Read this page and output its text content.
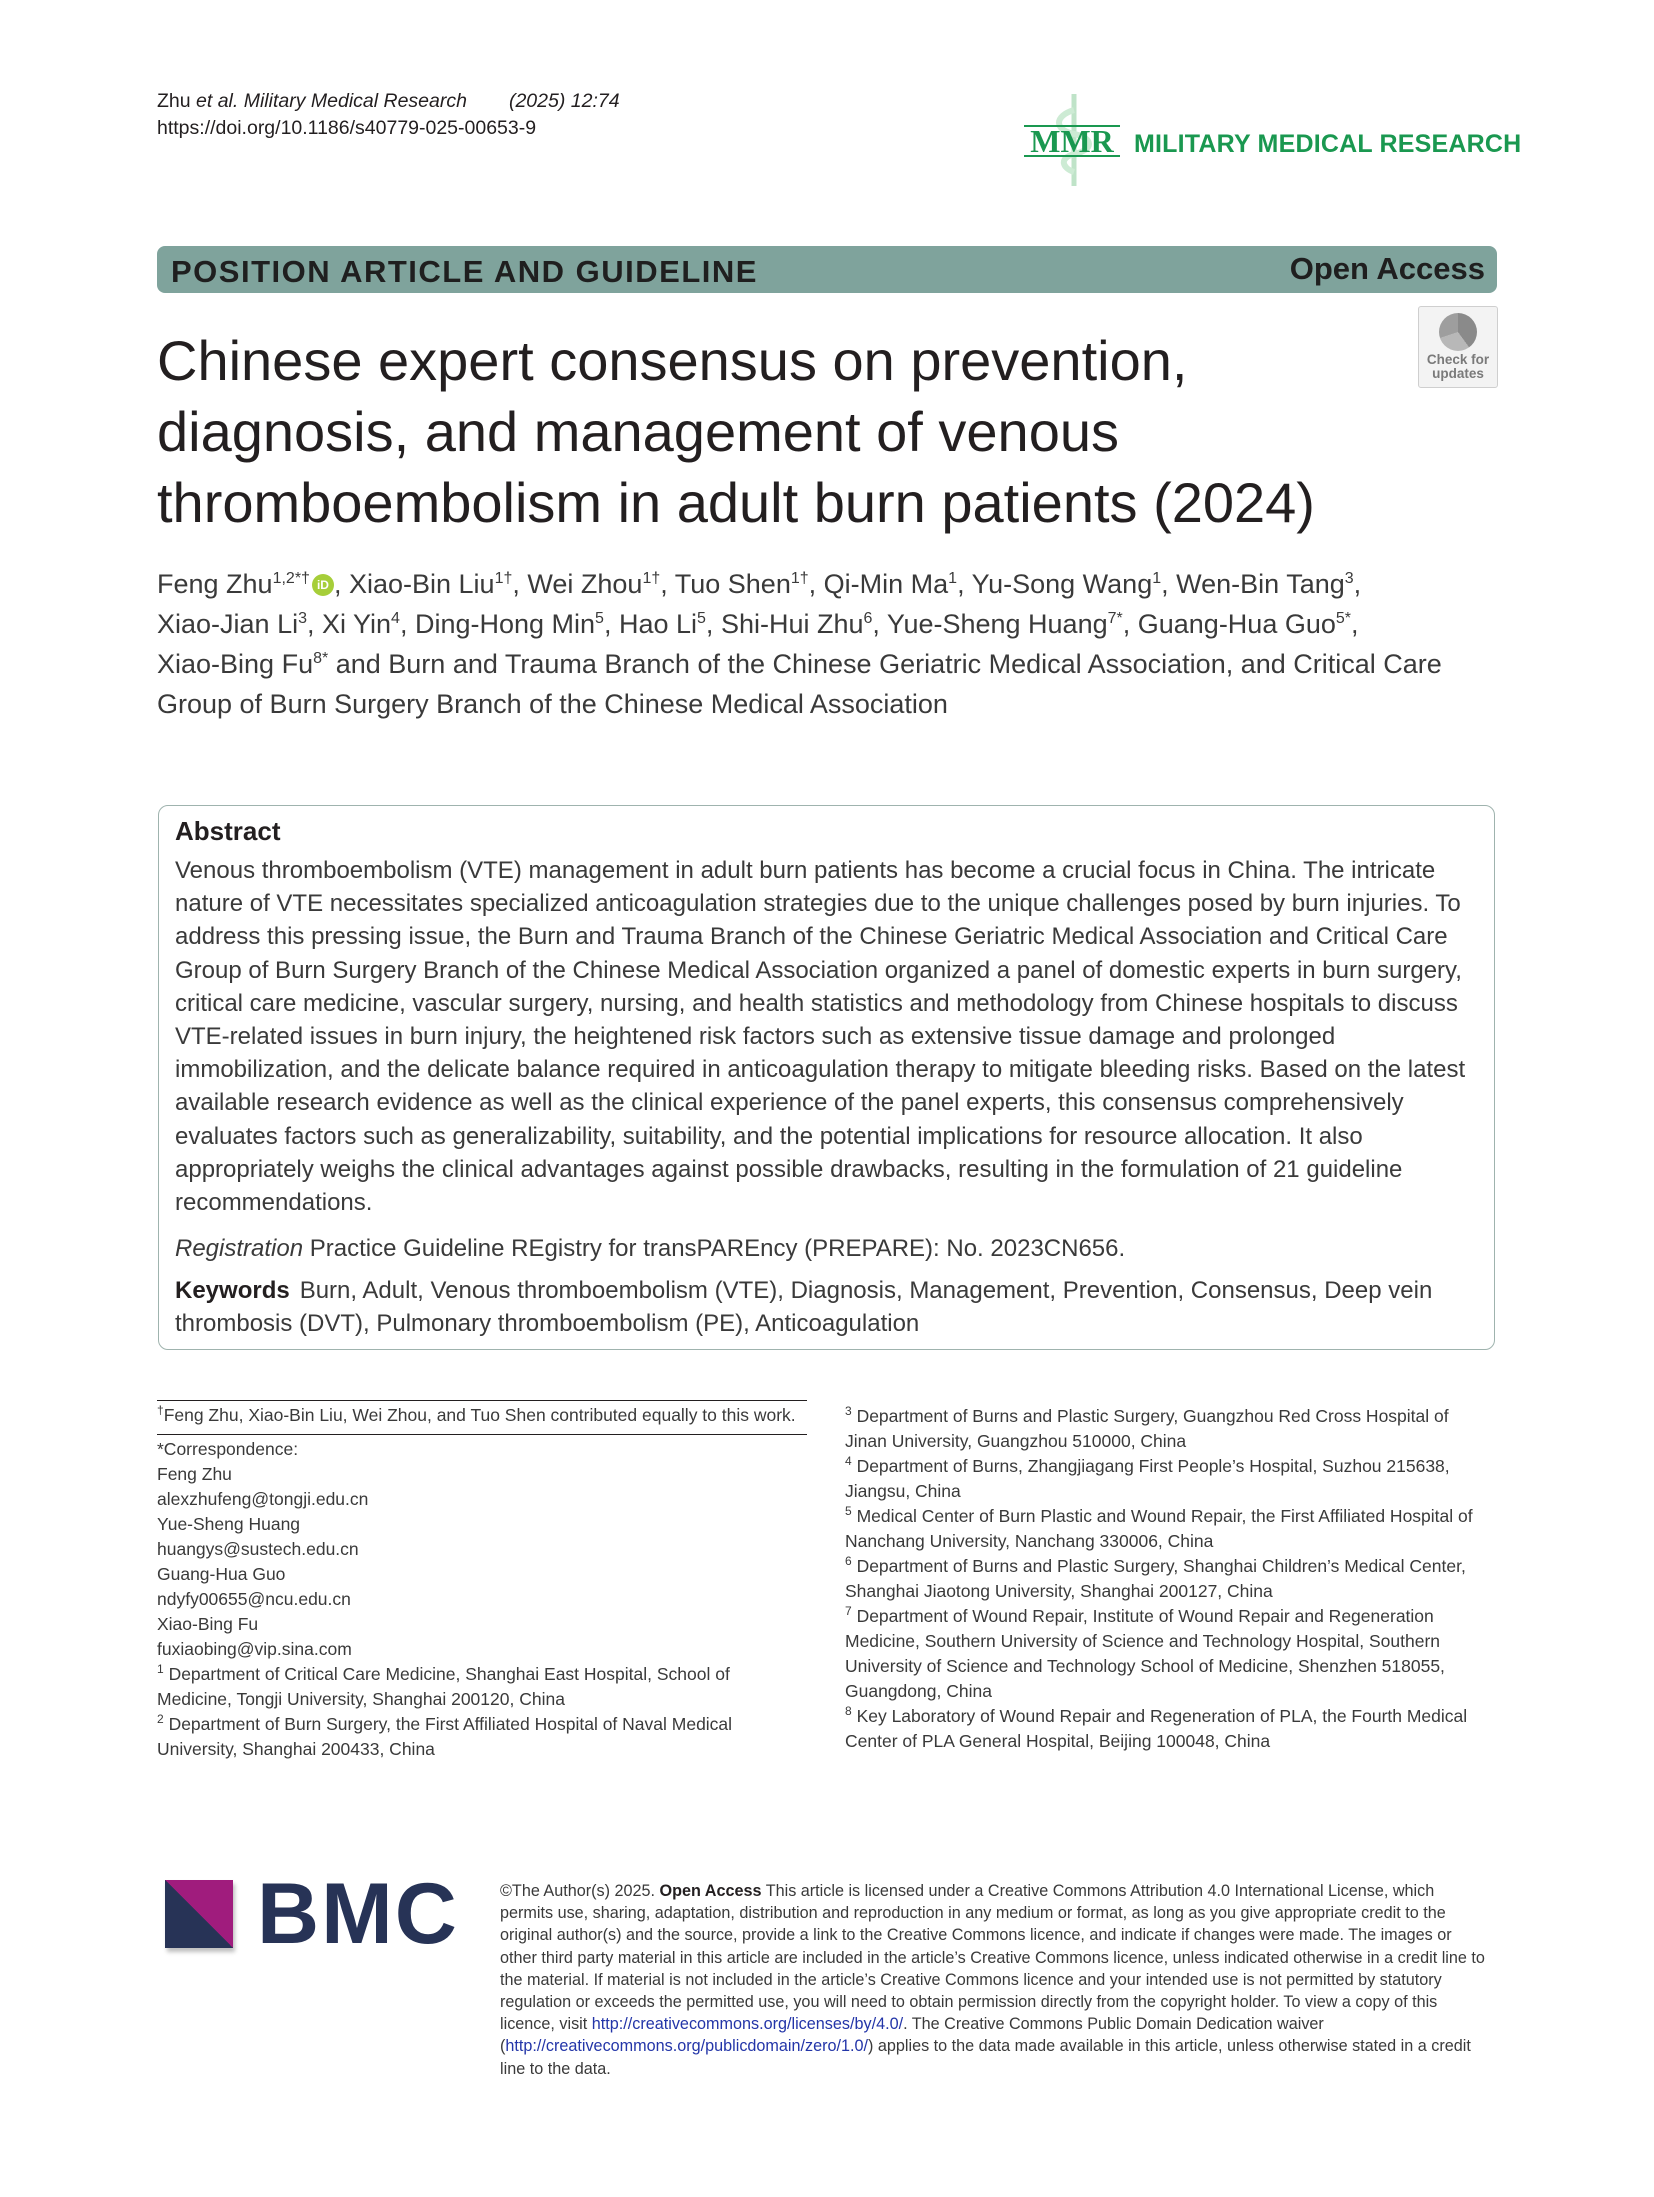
Zhu et al. Military Medical Research (2025) 12:74
https://doi.org/10.1186/s40779-025-00653-9	MMR MILITARY MEDICAL RESEARCH
POSITION ARTICLE AND GUIDELINE	Open Access
Chinese expert consensus on prevention,
diagnosis, and management of venous
thromboembolism in adult burn patients (2024)
Check for
updates
Feng Zhu$^{1,2*\dagger}$ iD , Xiao-Bin Liu$^{1\dagger}$, Wei Zhou$^{1\dagger}$, Tuo Shen$^{1\dagger}$, Qi-Min Ma$^1$, Yu-Song Wang$^1$, Wen-Bin Tang$^3$,
Xiao-Jian Li$^3$, Xi Yin$^4$, Ding-Hong Min$^5$, Hao Li$^5$, Shi-Hui Zhu$^6$, Yue-Sheng Huang$^{7*}$, Guang-Hua Guo$^{5*}$,
Xiao-Bing $Fu^{8*}$ and Burn and Trauma Branch of the Chinese Geriatric Medical Association, and Critical Care Group of Burn Surgery Branch of the Chinese Medical Association
Abstract
Venous thromboembolism (VTE) management in adult burn patients has become a crucial focus in China. The intricate nature of VTE necessitates specialized anticoagulation strategies due to the unique challenges posed by burn injuries. To address this pressing issue, the Burn and Trauma Branch of the Chinese Geriatric Medical Association and Critical Care Group of Burn Surgery Branch of the Chinese Medical Association organized a panel of domestic experts in burn surgery, critical care medicine, vascular surgery, nursing, and health statistics and methodology from Chinese hospitals to discuss VTE-related issues in burn injury, the heightened risk factors such as extensive tissue damage and prolonged immobilization, and the delicate balance required in anticoagulation therapy to mitigate bleeding risks. Based on the latest available research evidence as well as the clinical experience of the panel experts, this consensus comprehensively evaluates factors such as generalizability, suitability, and the potential implications for resource allocation. It also appropriately weighs the clinical advantages against possible drawbacks, resulting in the formulation of 21 guideline recommendations.
Registration Practice Guideline REgistry for transPAREncy (PREPARE): No. 2023CN656.
Keywords Burn, Adult, Venous thromboembolism (VTE), Diagnosis, Management, Prevention, Consensus, Deep vein thrombosis (DVT), Pulmonary thromboembolism (PE), Anticoagulation

†Feng Zhu, Xiao-Bin Liu, Wei Zhou, and Tuo Shen contributed equally to this work.

*Correspondence:

Feng Zhu

alexzhufeng@tongji.edu.cn

Yue-Sheng Huang

huangys@sustech.edu.cn

Guang-Hua Guo

ndyfy00655@ncu.edu.cn

Xiao-Bing Fu

fuxiaobing@vip.sina.com

$^1$ Department of Critical Care Medicine, Shanghai East Hospital, School of Medicine, Tongji University, Shanghai 200120, China

$^2$ Department of Burn Surgery, the First Affiliated Hospital of Naval Medical University, Shanghai 200433, China

$^3$ Department of Burns and Plastic Surgery, Guangzhou Red Cross Hospital of Jinan University, Guangzhou 510000, China

$^4$ Department of Burns, Zhangjiagang First People’s Hospital, Suzhou 215638, Jiangsu, China

$^5$ Medical Center of Burn Plastic and Wound Repair, the First Affiliated Hospital of Nanchang University, Nanchang 330006, China

$^6$ Department of Burns and Plastic Surgery, Shanghai Children’s Medical Center, Shanghai Jiaotong University, Shanghai 200127, China

$^7$ Department of Wound Repair, Institute of Wound Repair and Regeneration Medicine, Southern University of Science and Technology Hospital, Southern University of Science and Technology School of Medicine, Shenzhen 518055, Guangdong, China

$^8$ Key Laboratory of Wound Repair and Regeneration of PLA, the Fourth Medical Center of PLA General Hospital, Beijing 100048, China

BMC	©The Author(s) 2025. Open Access This article is licensed under a Creative Commons Attribution 4.0 International License, which permits use, sharing, adaptation, distribution and reproduction in any medium or format, as long as you give appropriate credit to the original author(s) and the source, provide a link to the Creative Commons licence, and indicate if changes were made. The images or other third party material in this article are included in the article’s Creative Commons licence, unless indicated otherwise in a credit line to the material. If material is not included in the article’s Creative Commons licence and your intended use is not permitted by statutory regulation or exceeds the permitted use, you will need to obtain permission directly from the copyright holder. To view a copy of this licence, visit http://creativecommons.org/licenses/by/4.0/. The Creative Commons Public Domain Dedication waiver (http://creativecommons.org/publicdomain/zero/1.0/) applies to the data made available in this article, unless otherwise stated in a credit line to the data.
